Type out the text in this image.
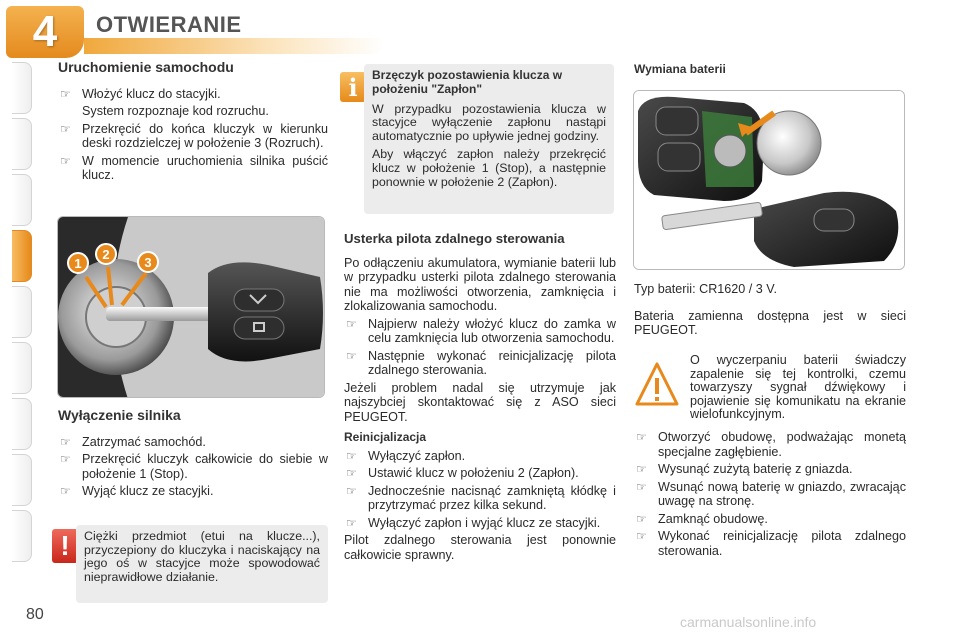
4 OTWIERANIE
Uruchomienie samochodu
☞ Włożyć klucz do stacyjki.
System rozpoznaje kod rozruchu.
☞ Przekręcić do końca kluczyk w kierunku deski rozdzielczej w położenie 3 (Rozruch).
☞ W momencie uruchomienia silnika puścić klucz.
1
2
3
Wyłączenie silnika
☞ Zatrzymać samochód.
☞ Przekręcić kluczyk całkowicie do siebie w położenie 1 (Stop).
☞ Wyjąć klucz ze stacyjki.
!	Ciężki przedmiot (etui na klucze...), przyczepiony do kluczyka i naciskający na jego oś w stacyjce może spowodować nieprawidłowe działanie.

i	Brzęczyk pozostawienia klucza w położeniu "Zapłon"

W przypadku pozostawienia klucza w stacyjce wyłączenie zapłonu nastąpi automatycznie po upływie jednej godziny.

Aby włączyć zapłon należy przekręcić klucz w położenie 1 (Stop), a następnie ponownie w położenie 2 (Zapłon).

Usterka pilota zdalnego sterowania

Po odłączeniu akumulatora, wymianie baterii lub w przypadku usterki pilota zdalnego sterowania nie ma możliwości otworzenia, zamknięcia i zlokalizowania samochodu.

☞ Najpierw należy włożyć klucz do zamka w celu zamknięcia lub otworzenia samochodu.
☞ Następnie wykonać reinicjalizację pilota zdalnego sterowania.

Jeżeli problem nadal się utrzymuje jak najszybciej skontaktować się z ASO sieci PEUGEOT.

Reinicjalizacja
☞ Wyłączyć zapłon.
☞ Ustawić klucz w położeniu 2 (Zapłon).
☞ Jednocześnie nacisnąć zamkniętą kłódkę i przytrzymać przez kilka sekund.
☞ Wyłączyć zapłon i wyjąć klucz ze stacyjki.

Pilot zdalnego sterowania jest ponownie całkowicie sprawny.

Wymiana baterii

Typ baterii: CR1620 / 3 V.

Bateria zamienna dostępna jest w sieci PEUGEOT.

O wyczerpaniu baterii świadczy zapalenie się tej kontrolki, czemu towarzyszy sygnał dźwiękowy i pojawienie się komunikatu na ekranie wielofunkcyjnym.

☞ Otworzyć obudowę, podważając monetą specjalne zagłębienie.
☞ Wysunąć zużytą baterię z gniazda.
☞ Wsunąć nową baterię w gniazdo, zwracając uwagę na stronę.
☞ Zamknąć obudowę.
☞ Wykonać reinicjalizację pilota zdalnego sterowania.
80	carmanualsonline.info
